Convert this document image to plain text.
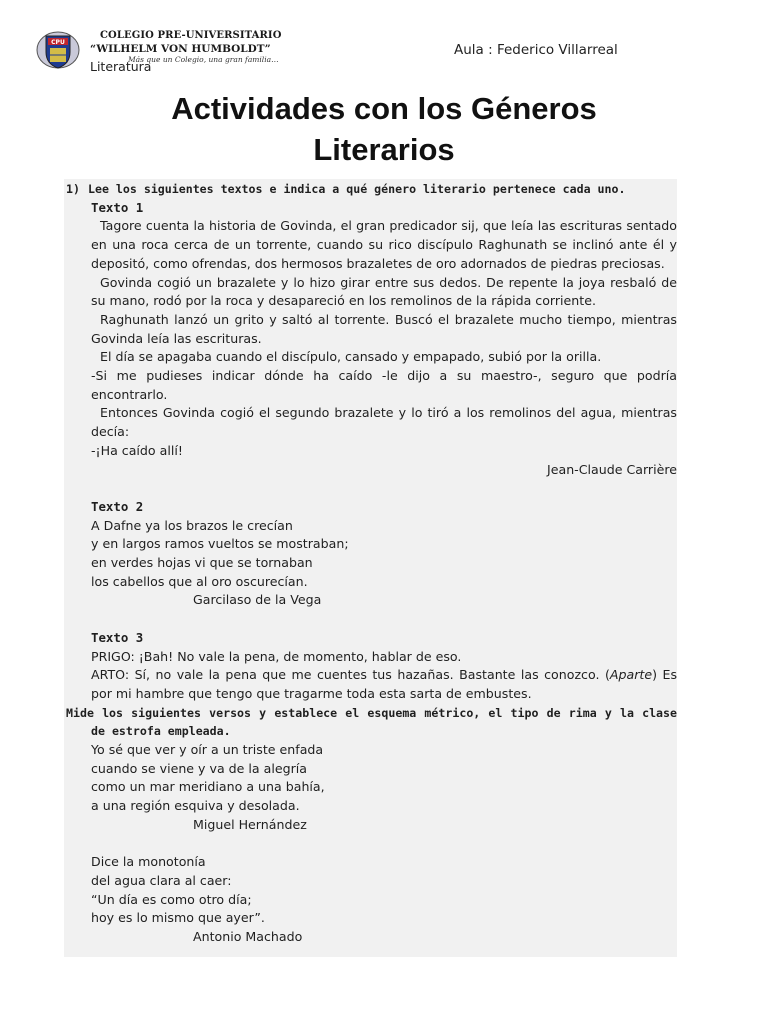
CPU
COLEGIO PRE-UNIVERSITARIO
“WILHELM VON HUMBOLDT”
Más que un Colegio, una gran familia…
Literatura
Aula : Federico Villarreal
Actividades con los Géneros Literarios
1) Lee los siguientes textos e indica a qué género literario pertenece cada uno.
Texto 1
Tagore cuenta la historia de Govinda, el gran predicador sij, que leía las escrituras sentado en una roca cerca de un torrente, cuando su rico discípulo Raghunath se inclinó ante él y depositó, como ofrendas, dos hermosos brazaletes de oro adornados de piedras preciosas.
Govinda cogió un brazalete y lo hizo girar entre sus dedos. De repente la joya resbaló de su mano, rodó por la roca y desapareció en los remolinos de la rápida corriente.
Raghunath lanzó un grito y saltó al torrente. Buscó el brazalete mucho tiempo, mientras Govinda leía las escrituras.
El día se apagaba cuando el discípulo, cansado y empapado, subió por la orilla.
-Si me pudieses indicar dónde ha caído -le dijo a su maestro-, seguro que podría encontrarlo.
Entonces Govinda cogió el segundo brazalete y lo tiró a los remolinos del agua, mientras decía:
-¡Ha caído allí!
Jean-Claude Carrière
Texto 2
A Dafne ya los brazos le crecían
y en largos ramos vueltos se mostraban;
en verdes hojas vi que se tornaban
los cabellos que al oro oscurecían.
Garcilaso de la Vega
Texto 3
PRIGO: ¡Bah! No vale la pena, de momento, hablar de eso.
ARTO: Sí, no vale la pena que me cuentes tus hazañas. Bastante las conozco. (Aparte) Es por mi hambre que tengo que tragarme toda esta sarta de embustes.
Mide los siguientes versos y establece el esquema métrico, el tipo de rima y la clase de estrofa empleada.
Yo sé que ver y oír a un triste enfada
cuando se viene y va de la alegría
como un mar meridiano a una bahía,
a una región esquiva y desolada.
Miguel Hernández
Dice la monotonía
del agua clara al caer:
“Un día es como otro día;
hoy es lo mismo que ayer”.
Antonio Machado
